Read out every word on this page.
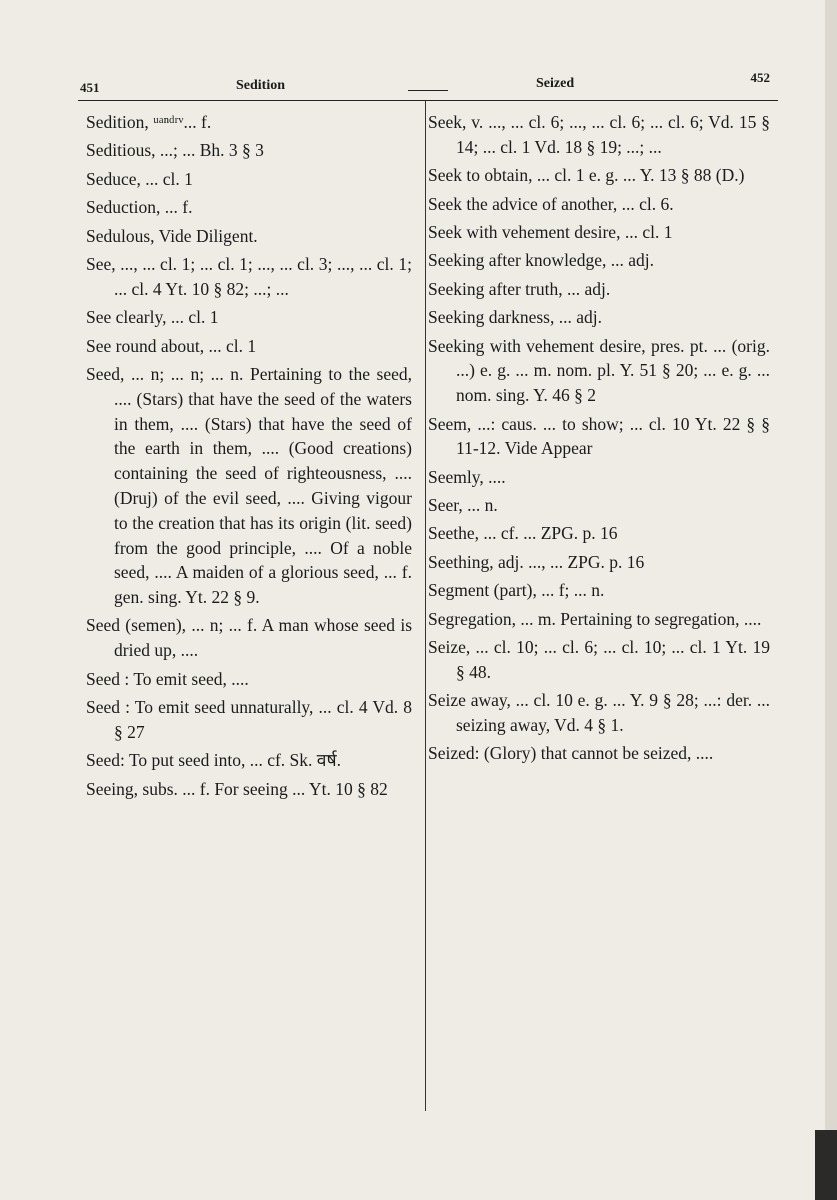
451	Sedition	Seized	452

Sedition, ᵘᵃⁿᵈʳᵛ... f.

Seditious, ...; ... Bh. 3 § 3

Seduce, ... cl. 1

Seduction, ... f.

Sedulous, Vide Diligent.

See, ..., ... cl. 1; ... cl. 1; ..., ... cl. 3; ..., ... cl. 1; ... cl. 4 Yt. 10 § 82; ...; ...

See clearly, ... cl. 1

See round about, ... cl. 1

Seed, ... n; ... n; ... n. Pertaining to the seed, .... (Stars) that have the seed of the waters in them, .... (Stars) that have the seed of the earth in them, .... (Good creations) containing the seed of righteousness, .... (Druj) of the evil seed, .... Giving vigour to the creation that has its origin (lit. seed) from the good principle, .... Of a noble seed, .... A maiden of a glorious seed, ... f. gen. sing. Yt. 22 § 9.

Seed (semen), ... n; ... f. A man whose seed is dried up, ....

Seed : To emit seed, ....

Seed : To emit seed unnaturally, ... cl. 4 Vd. 8 § 27

Seed: To put seed into, ... cf. Sk. वर्ष.

Seeing, subs. ... f. For seeing ... Yt. 10 § 82

Seek, v. ..., ... cl. 6; ..., ... cl. 6; ... cl. 6; Vd. 15 § 14; ... cl. 1 Vd. 18 § 19; ...; ...

Seek to obtain, ... cl. 1 e. g. ... Y. 13 § 88 (D.)

Seek the advice of another, ... cl. 6.

Seek with vehement desire, ... cl. 1

Seeking after knowledge, ... adj.

Seeking after truth, ... adj.

Seeking darkness, ... adj.

Seeking with vehement desire, pres. pt. ... (orig. ...) e. g. ... m. nom. pl. Y. 51 § 20; ... e. g. ... nom. sing. Y. 46 § 2

Seem, ...: caus. ... to show; ... cl. 10 Yt. 22 § § 11-12. Vide Appear

Seemly, ....

Seer, ... n.

Seethe, ... cf. ... ZPG. p. 16

Seething, adj. ..., ... ZPG. p. 16

Segment (part), ... f; ... n.

Segregation, ... m. Pertaining to segregation, ....

Seize, ... cl. 10; ... cl. 6; ... cl. 10; ... cl. 1 Yt. 19 § 48.

Seize away, ... cl. 10 e. g. ... Y. 9 § 28; ...: der. ... seizing away, Vd. 4 § 1.

Seized: (Glory) that cannot be seized, ....
